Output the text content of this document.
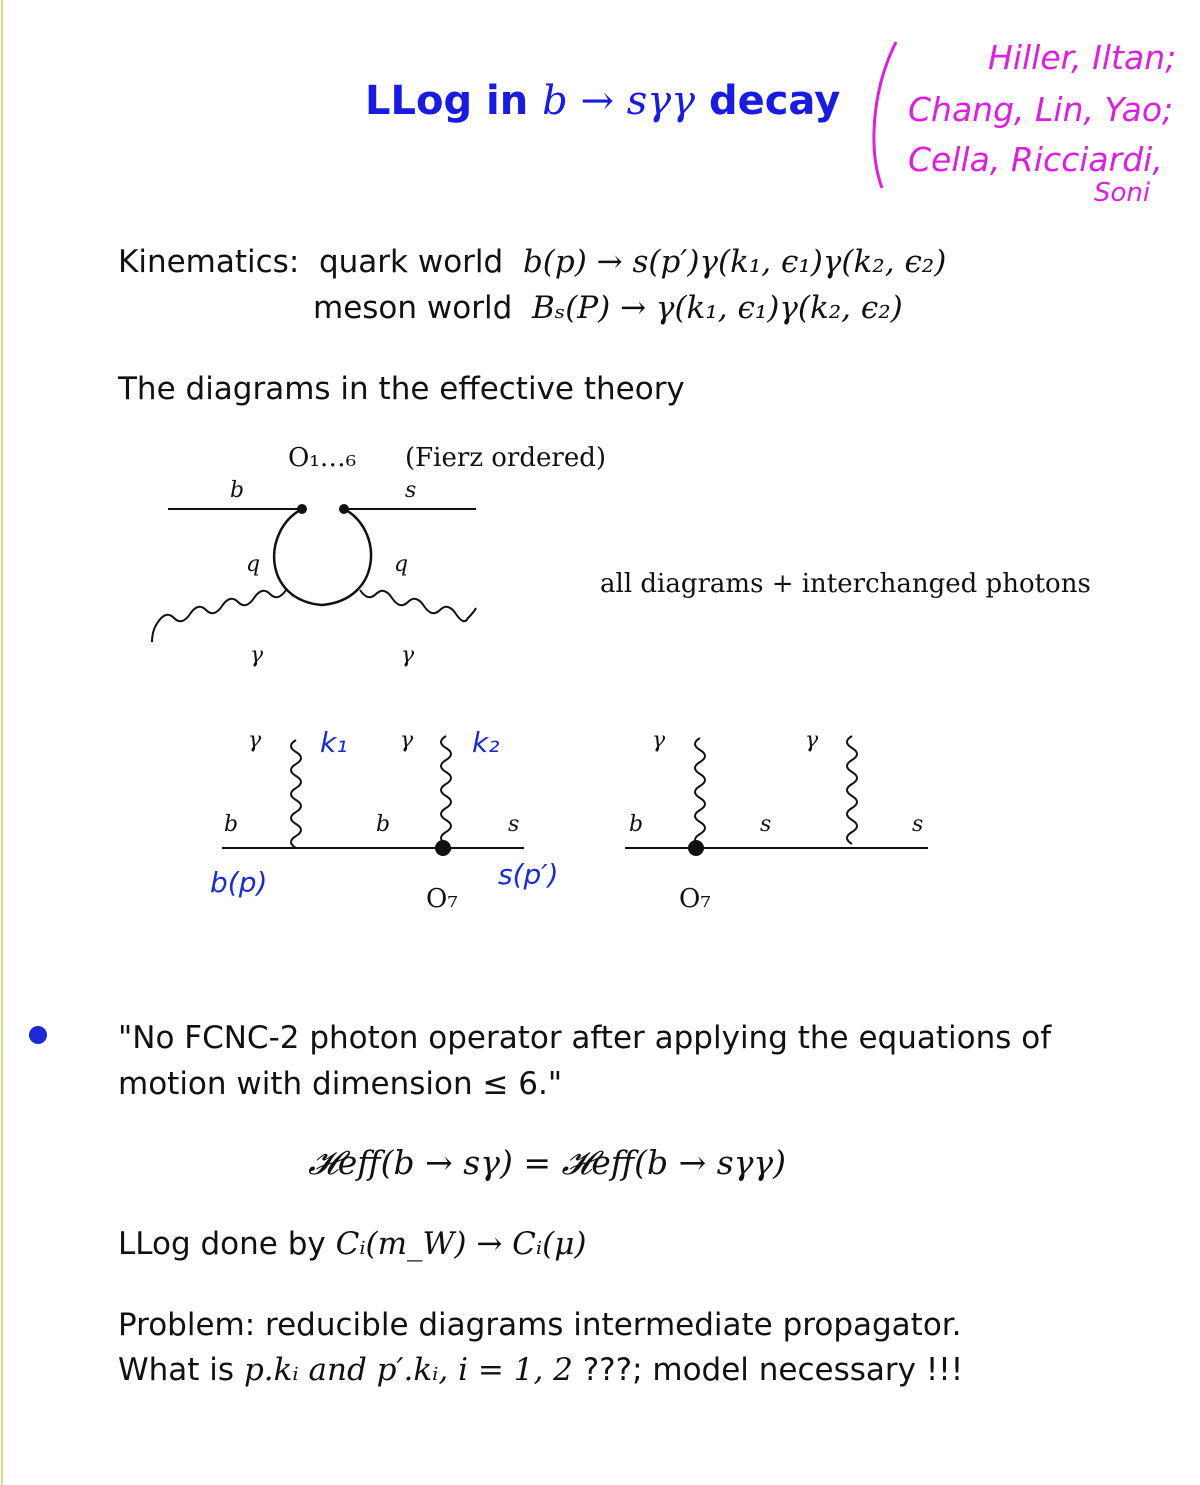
LLog in b → sγγ decay
Hiller, Iltan;
Chang, Lin, Yao;
Cella, Ricciardi,
Soni
Kinematics: quark world b(p) → s(p′)γ(k₁, ϵ₁)γ(k₂, ϵ₂)
meson world Bₛ(P) → γ(k₁, ϵ₁)γ(k₂, ϵ₂)
The diagrams in the effective theory
O₁…₆ (Fierz ordered)
b	s
q	q
γ	γ
all diagrams + interchanged photons
γ k₁ γ k₂
b	b	s
b(p)	s(p′)
O₇
γ	γ
b	s	s
O₇
"No FCNC-2 photon operator after applying the equations of
motion with dimension ≤ 6."
𝓗eff(b → sγ) = 𝓗eff(b → sγγ)
LLog done by Cᵢ(m_W) → Cᵢ(μ)
Problem: reducible diagrams intermediate propagator.
What is p.kᵢ and p′.kᵢ, i = 1, 2 ???; model necessary !!!
